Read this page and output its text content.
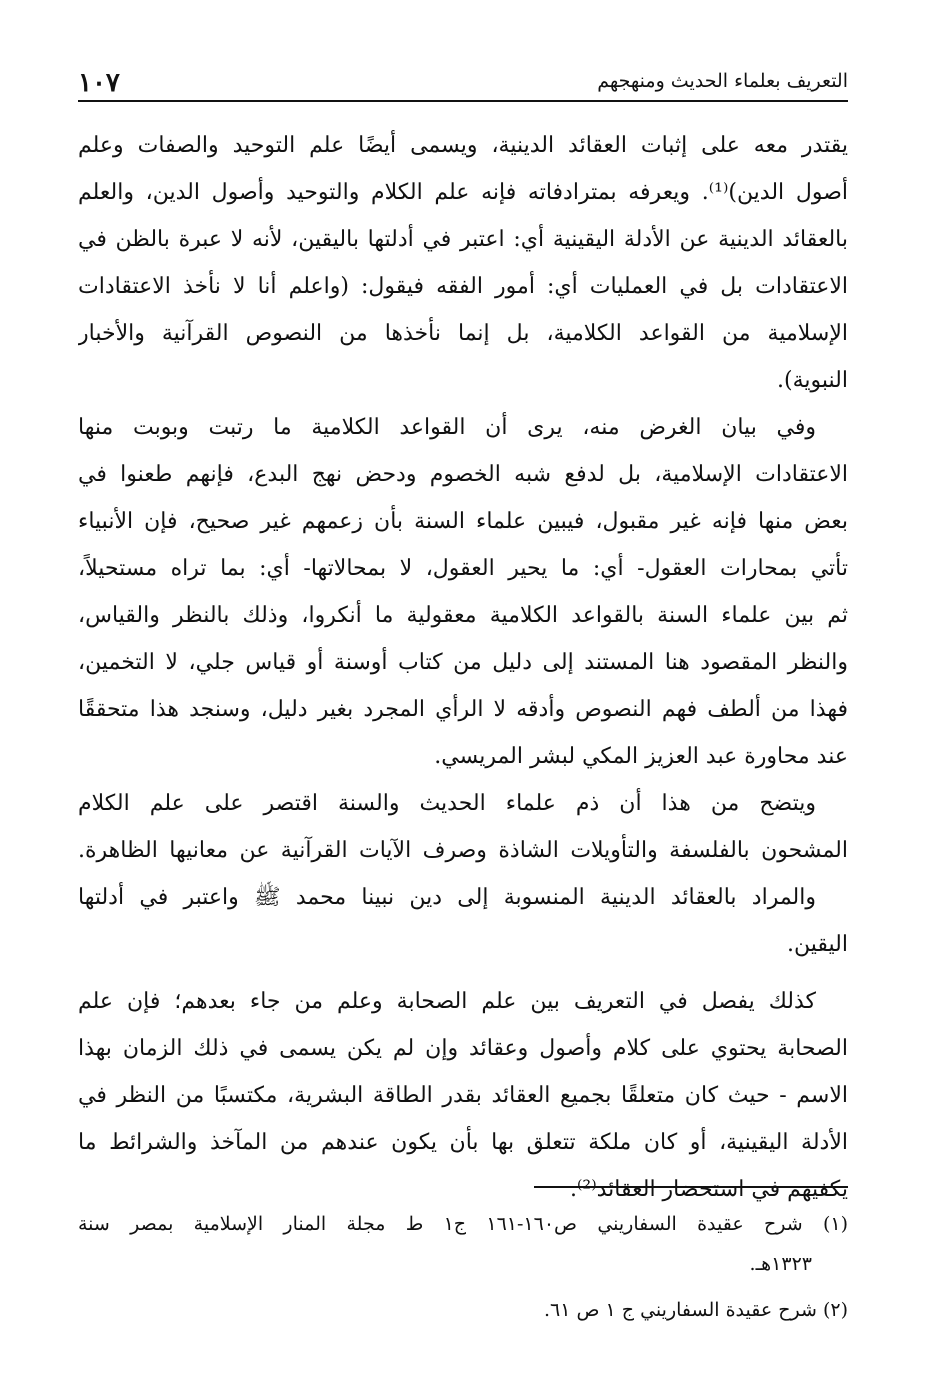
التعريف بعلماء الحديث ومنهجهم
١٠٧
يقتدر معه على إثبات العقائد الدينية، ويسمى أيضًا علم التوحيد والصفات وعلم
أصول الدين)⁽¹⁾. ويعرفه بمترادفاته فإنه علم الكلام والتوحيد وأصول الدين، والعلم
بالعقائد الدينية عن الأدلة اليقينية أي: اعتبر في أدلتها باليقين، لأنه لا عبرة بالظن في
الاعتقادات بل في العمليات أي: أمور الفقه فيقول: (واعلم أنا لا نأخذ الاعتقادات
الإسلامية من القواعد الكلامية، بل إنما نأخذها من النصوص القرآنية والأخبار
النبوية).
وفي بيان الغرض منه، يرى أن القواعد الكلامية ما رتبت وبوبت منها
الاعتقادات الإسلامية، بل لدفع شبه الخصوم ودحض نهج البدع، فإنهم طعنوا في
بعض منها فإنه غير مقبول، فيبين علماء السنة بأن زعمهم غير صحيح، فإن الأنبياء
تأتي بمحارات العقول- أي: ما يحير العقول، لا بمحالاتها- أي: بما تراه مستحيلاً،
ثم بين علماء السنة بالقواعد الكلامية معقولية ما أنكروا، وذلك بالنظر والقياس،
والنظر المقصود هنا المستند إلى دليل من كتاب أوسنة أو قياس جلي، لا التخمين،
فهذا من ألطف فهم النصوص وأدقه لا الرأي المجرد بغير دليل، وسنجد هذا متحققًا
عند محاورة عبد العزيز المكي لبشر المريسي.
ويتضح من هذا أن ذم علماء الحديث والسنة اقتصر على علم الكلام
المشحون بالفلسفة والتأويلات الشاذة وصرف الآيات القرآنية عن معانيها الظاهرة.
والمراد بالعقائد الدينية المنسوبة إلى دين نبينا محمد ﷺ واعتبر في أدلتها
اليقين.
كذلك يفصل في التعريف بين علم الصحابة وعلم من جاء بعدهم؛ فإن علم
الصحابة يحتوي على كلام وأصول وعقائد وإن لم يكن يسمى في ذلك الزمان بهذا
الاسم - حيث كان متعلقًا بجميع العقائد بقدر الطاقة البشرية، مكتسبًا من النظر في
الأدلة اليقينية، أو كان ملكة تتعلق بها بأن يكون عندهم من المآخذ والشرائط ما
يكفيهم في استحضار العقائد⁽²⁾.
(١) شرح عقيدة السفاريني ص١٦٠-١٦١ ج١ ط مجلة المنار الإسلامية بمصر سنة
١٣٢٣هـ.
(٢) شرح عقيدة السفاريني ج ١ ص ٦١.
